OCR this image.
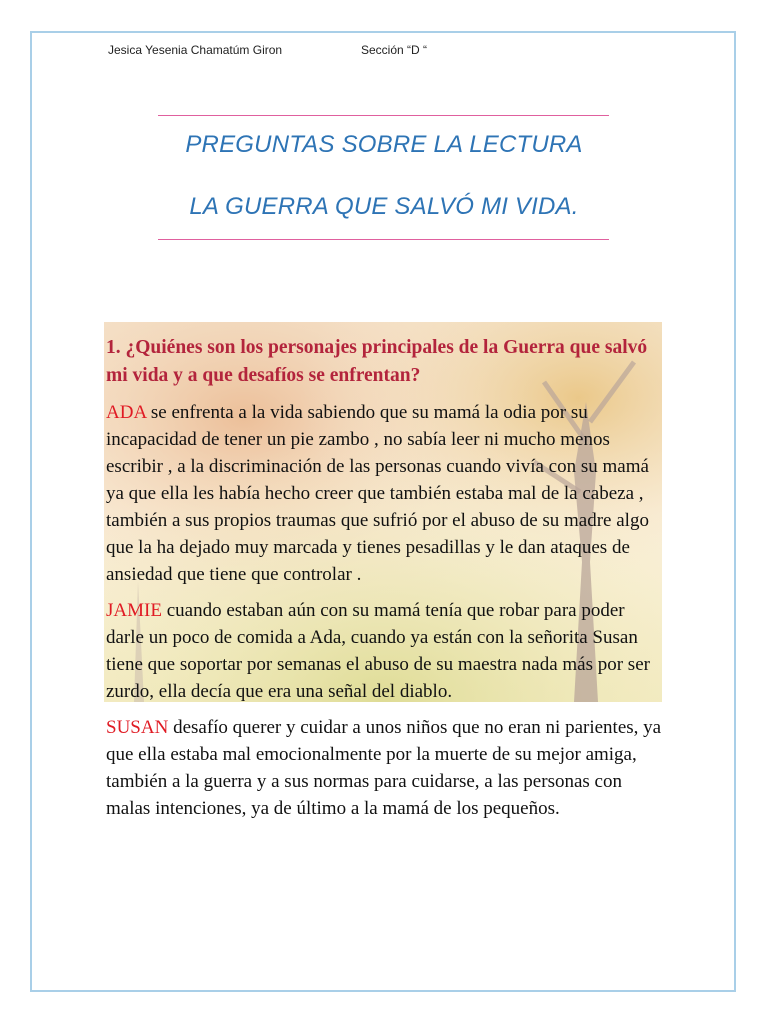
Jesica Yesenia Chamatúm Giron	Sección “D “
PREGUNTAS SOBRE LA LECTURA
LA GUERRA QUE SALVÓ MI VIDA.

1. ¿Quiénes son los personajes principales de la Guerra que salvó mi vida y a que desafíos se enfrentan?

ADA se enfrenta a la vida sabiendo que su mamá la odia por su incapacidad de tener un pie zambo , no sabía leer ni mucho menos escribir , a la discriminación de las personas cuando vivía con su mamá ya que ella les había hecho creer que también estaba mal de la cabeza , también a sus propios traumas que sufrió por el abuso de su madre algo que la ha dejado muy marcada y tienes pesadillas y le dan ataques de ansiedad que tiene que controlar .

JAMIE cuando estaban aún con su mamá tenía que robar para poder darle un poco de comida a Ada, cuando ya están con la señorita Susan tiene que soportar por semanas el abuso de su maestra nada más por ser zurdo, ella decía que era una señal del diablo.

SUSAN desafío querer y cuidar a unos niños que no eran ni parientes, ya que ella estaba mal emocionalmente por la muerte de su mejor amiga, también a la guerra y a sus normas para cuidarse, a las personas con malas intenciones, ya de último a la mamá de los pequeños.
